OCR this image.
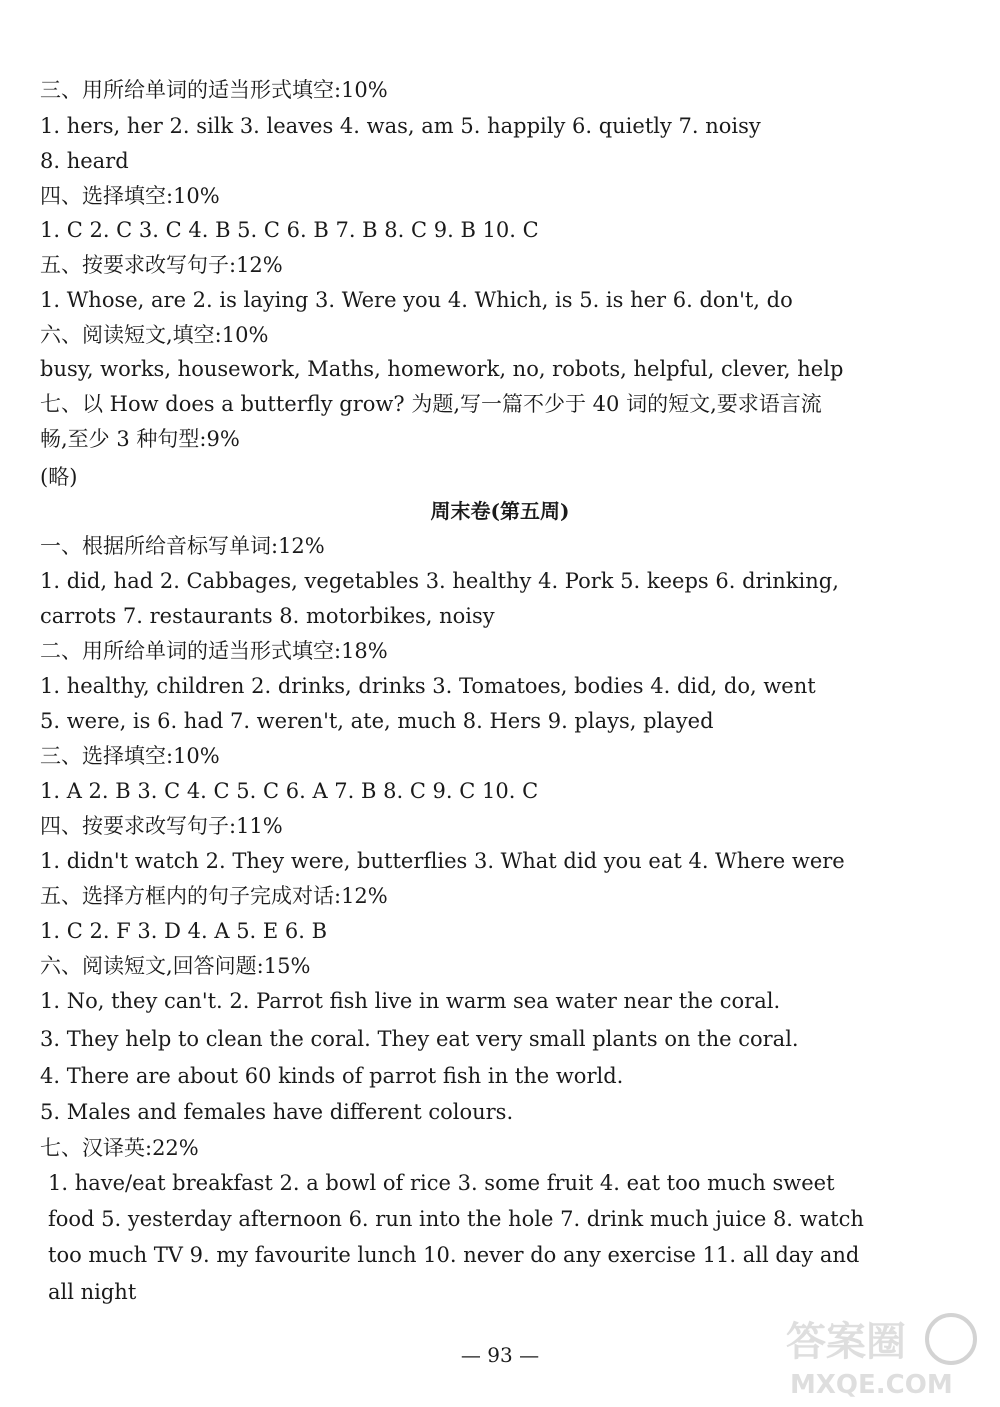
三、用所给单词的适当形式填空:10%
1. hers, her 2. silk 3. leaves 4. was, am 5. happily 6. quietly 7. noisy
8. heard
四、选择填空:10%
1. C 2. C 3. C 4. B 5. C 6. B 7. B 8. C 9. B 10. C
五、按要求改写句子:12%
1. Whose, are 2. is laying 3. Were you 4. Which, is 5. is her 6. don't, do
六、阅读短文,填空:10%
busy, works, housework, Maths, homework, no, robots, helpful, clever, help
七、以 How does a butterfly grow? 为题,写一篇不少于 40 词的短文,要求语言流
畅,至少 3 种句型:9%
(略)
周末卷(第五周)
一、根据所给音标写单词:12%
1. did, had 2. Cabbages, vegetables 3. healthy 4. Pork 5. keeps 6. drinking,
carrots 7. restaurants 8. motorbikes, noisy
二、用所给单词的适当形式填空:18%
1. healthy, children 2. drinks, drinks 3. Tomatoes, bodies 4. did, do, went
5. were, is 6. had 7. weren't, ate, much 8. Hers 9. plays, played
三、选择填空:10%
1. A 2. B 3. C 4. C 5. C 6. A 7. B 8. C 9. C 10. C
四、按要求改写句子:11%
1. didn't watch 2. They were, butterflies 3. What did you eat 4. Where were
五、选择方框内的句子完成对话:12%
1. C 2. F 3. D 4. A 5. E 6. B
六、阅读短文,回答问题:15%
1. No, they can't. 2. Parrot fish live in warm sea water near the coral.
3. They help to clean the coral. They eat very small plants on the coral.
4. There are about 60 kinds of parrot fish in the world.
5. Males and females have different colours.
七、汉译英:22%
1. have/eat breakfast 2. a bowl of rice 3. some fruit 4. eat too much sweet
food 5. yesterday afternoon 6. run into the hole 7. drink much juice 8. watch
too much TV 9. my favourite lunch 10. never do any exercise 11. all day and
all night
— 93 —	答案圈
MXQE.COM
